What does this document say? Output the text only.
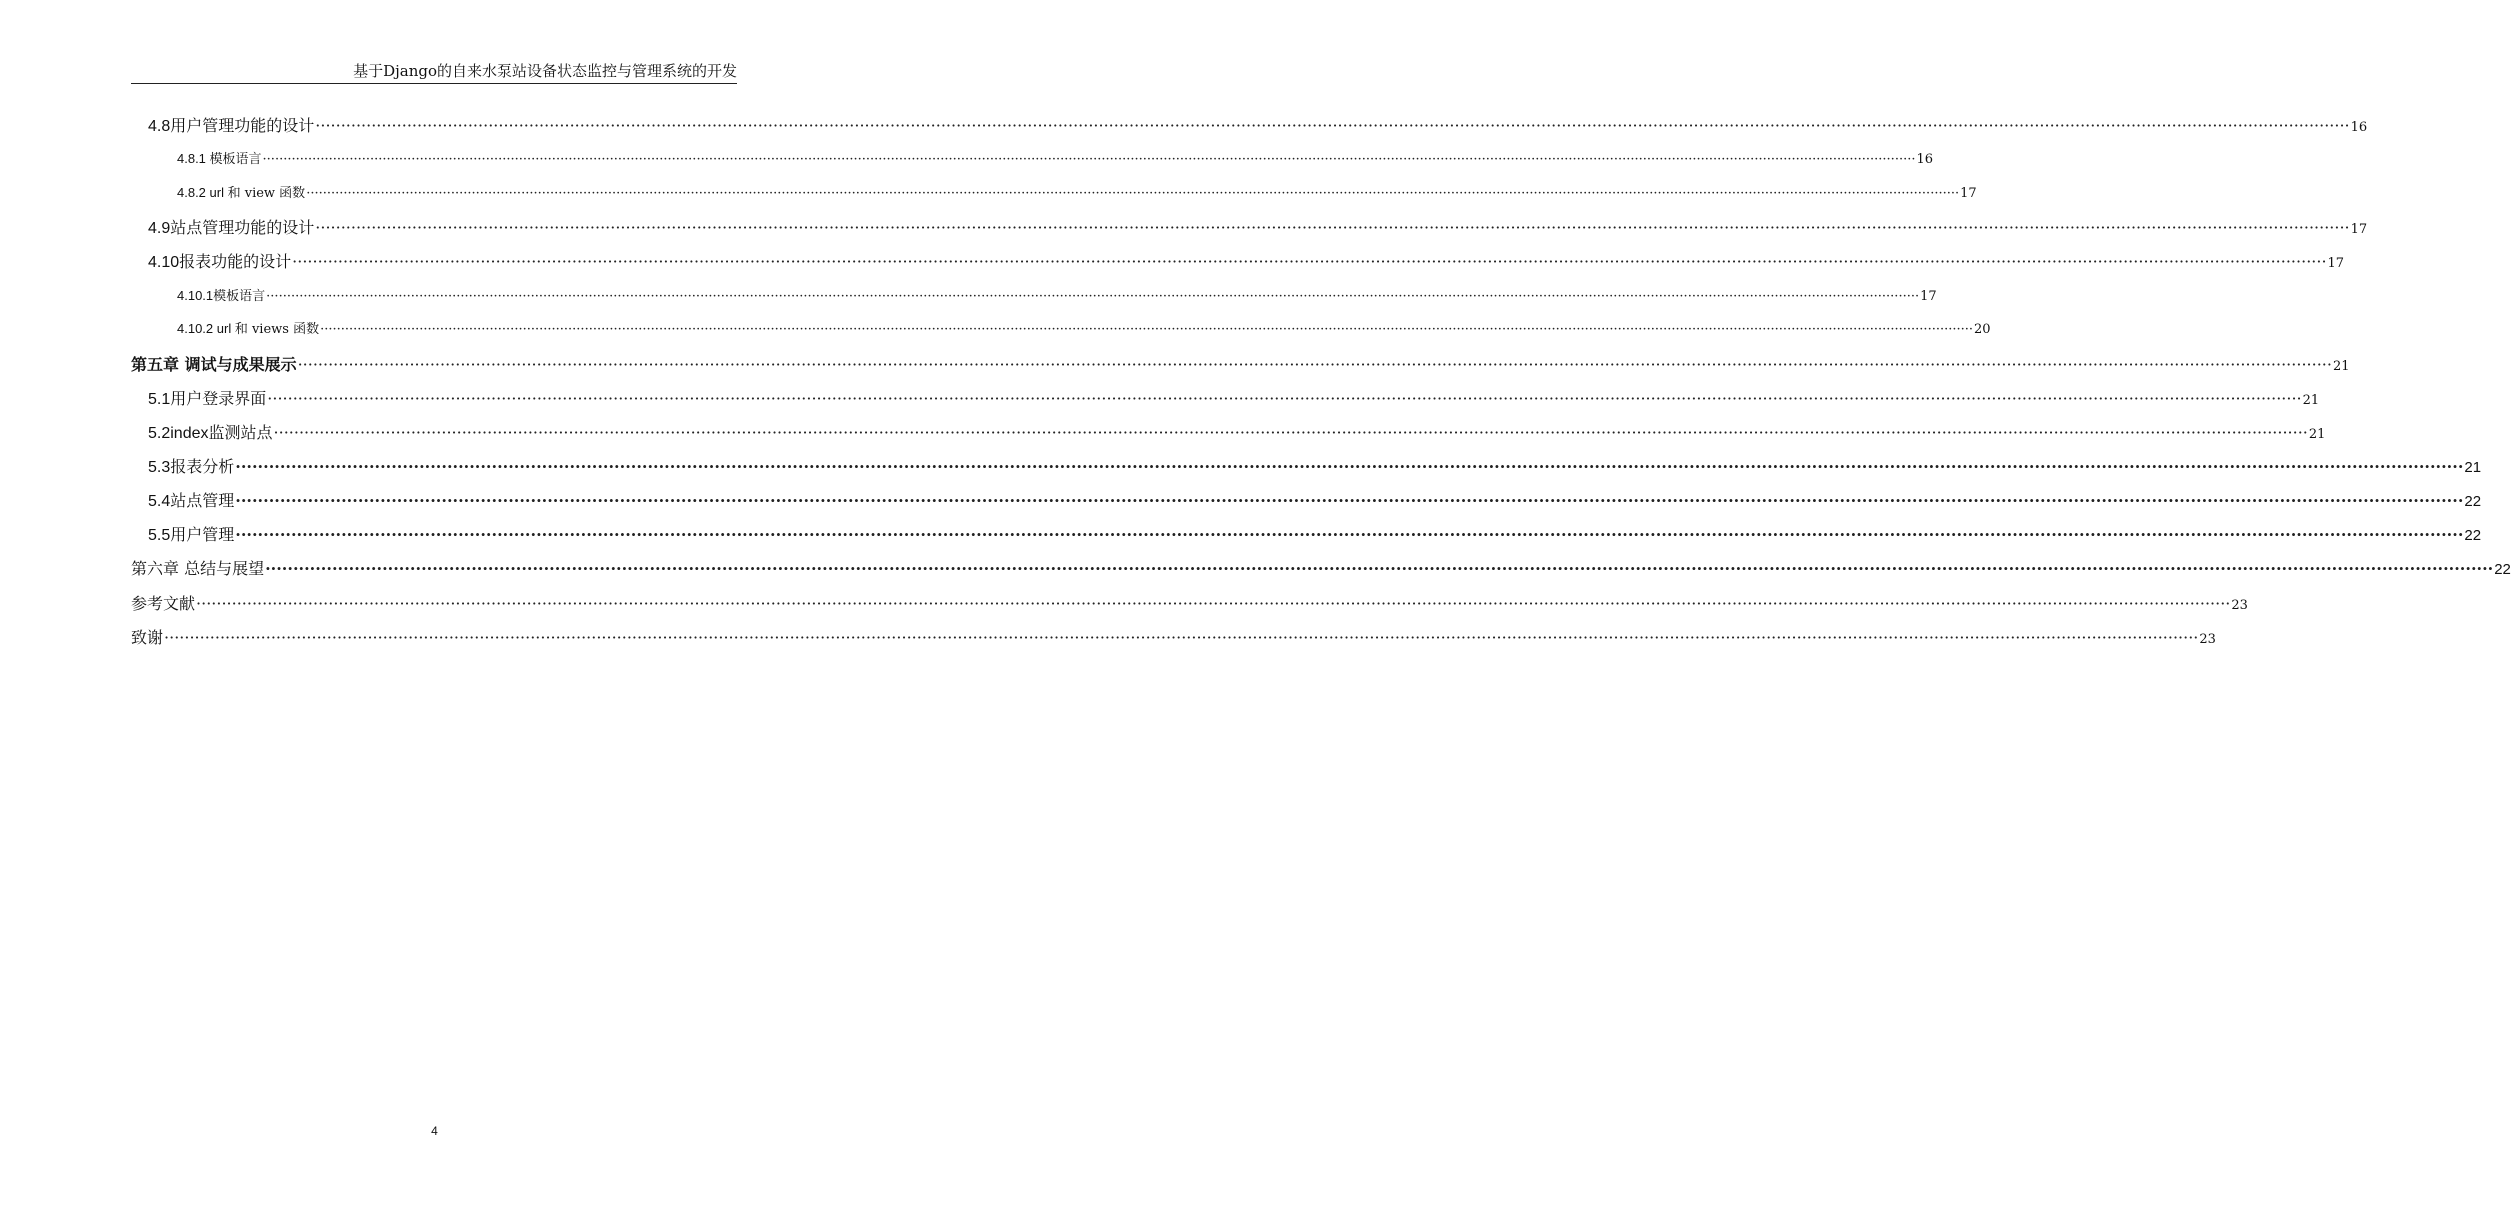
基于Django的自来水泵站设备状态监控与管理系统的开发
4.8用户管理功能的设计 ················································································································································································································································································································································································································ 16
4.8.1 模板语言 ················································································································································································································································································································································································································ 16
4.8.2 url 和 view 函数 ················································································································································································································································································································································································································ 17
4.9站点管理功能的设计 ················································································································································································································································································································································································································ 17
4.10报表功能的设计 ················································································································································································································································································································································································································ 17
4.10.1模板语言 ················································································································································································································································································································································································································ 17
4.10.2 url 和 views 函数 ················································································································································································································································································································································································································ 20
第五章 调试与成果展示 ················································································································································································································································································································································································································ 21
5.1用户登录界面 ················································································································································································································································································································································································································ 21
5.2index监测站点 ················································································································································································································································································································································································································ 21
5.3报表分析 ················································································································································································································································································································································································································ 21
5.4站点管理 ················································································································································································································································································································································································································ 22
5.5用户管理 ················································································································································································································································································································································································································ 22
第六章 总结与展望 ················································································································································································································································································································································································································ 22
参考文献 ················································································································································································································································································································································································································ 23
致谢 ················································································································································································································································································································································································································ 23
4
